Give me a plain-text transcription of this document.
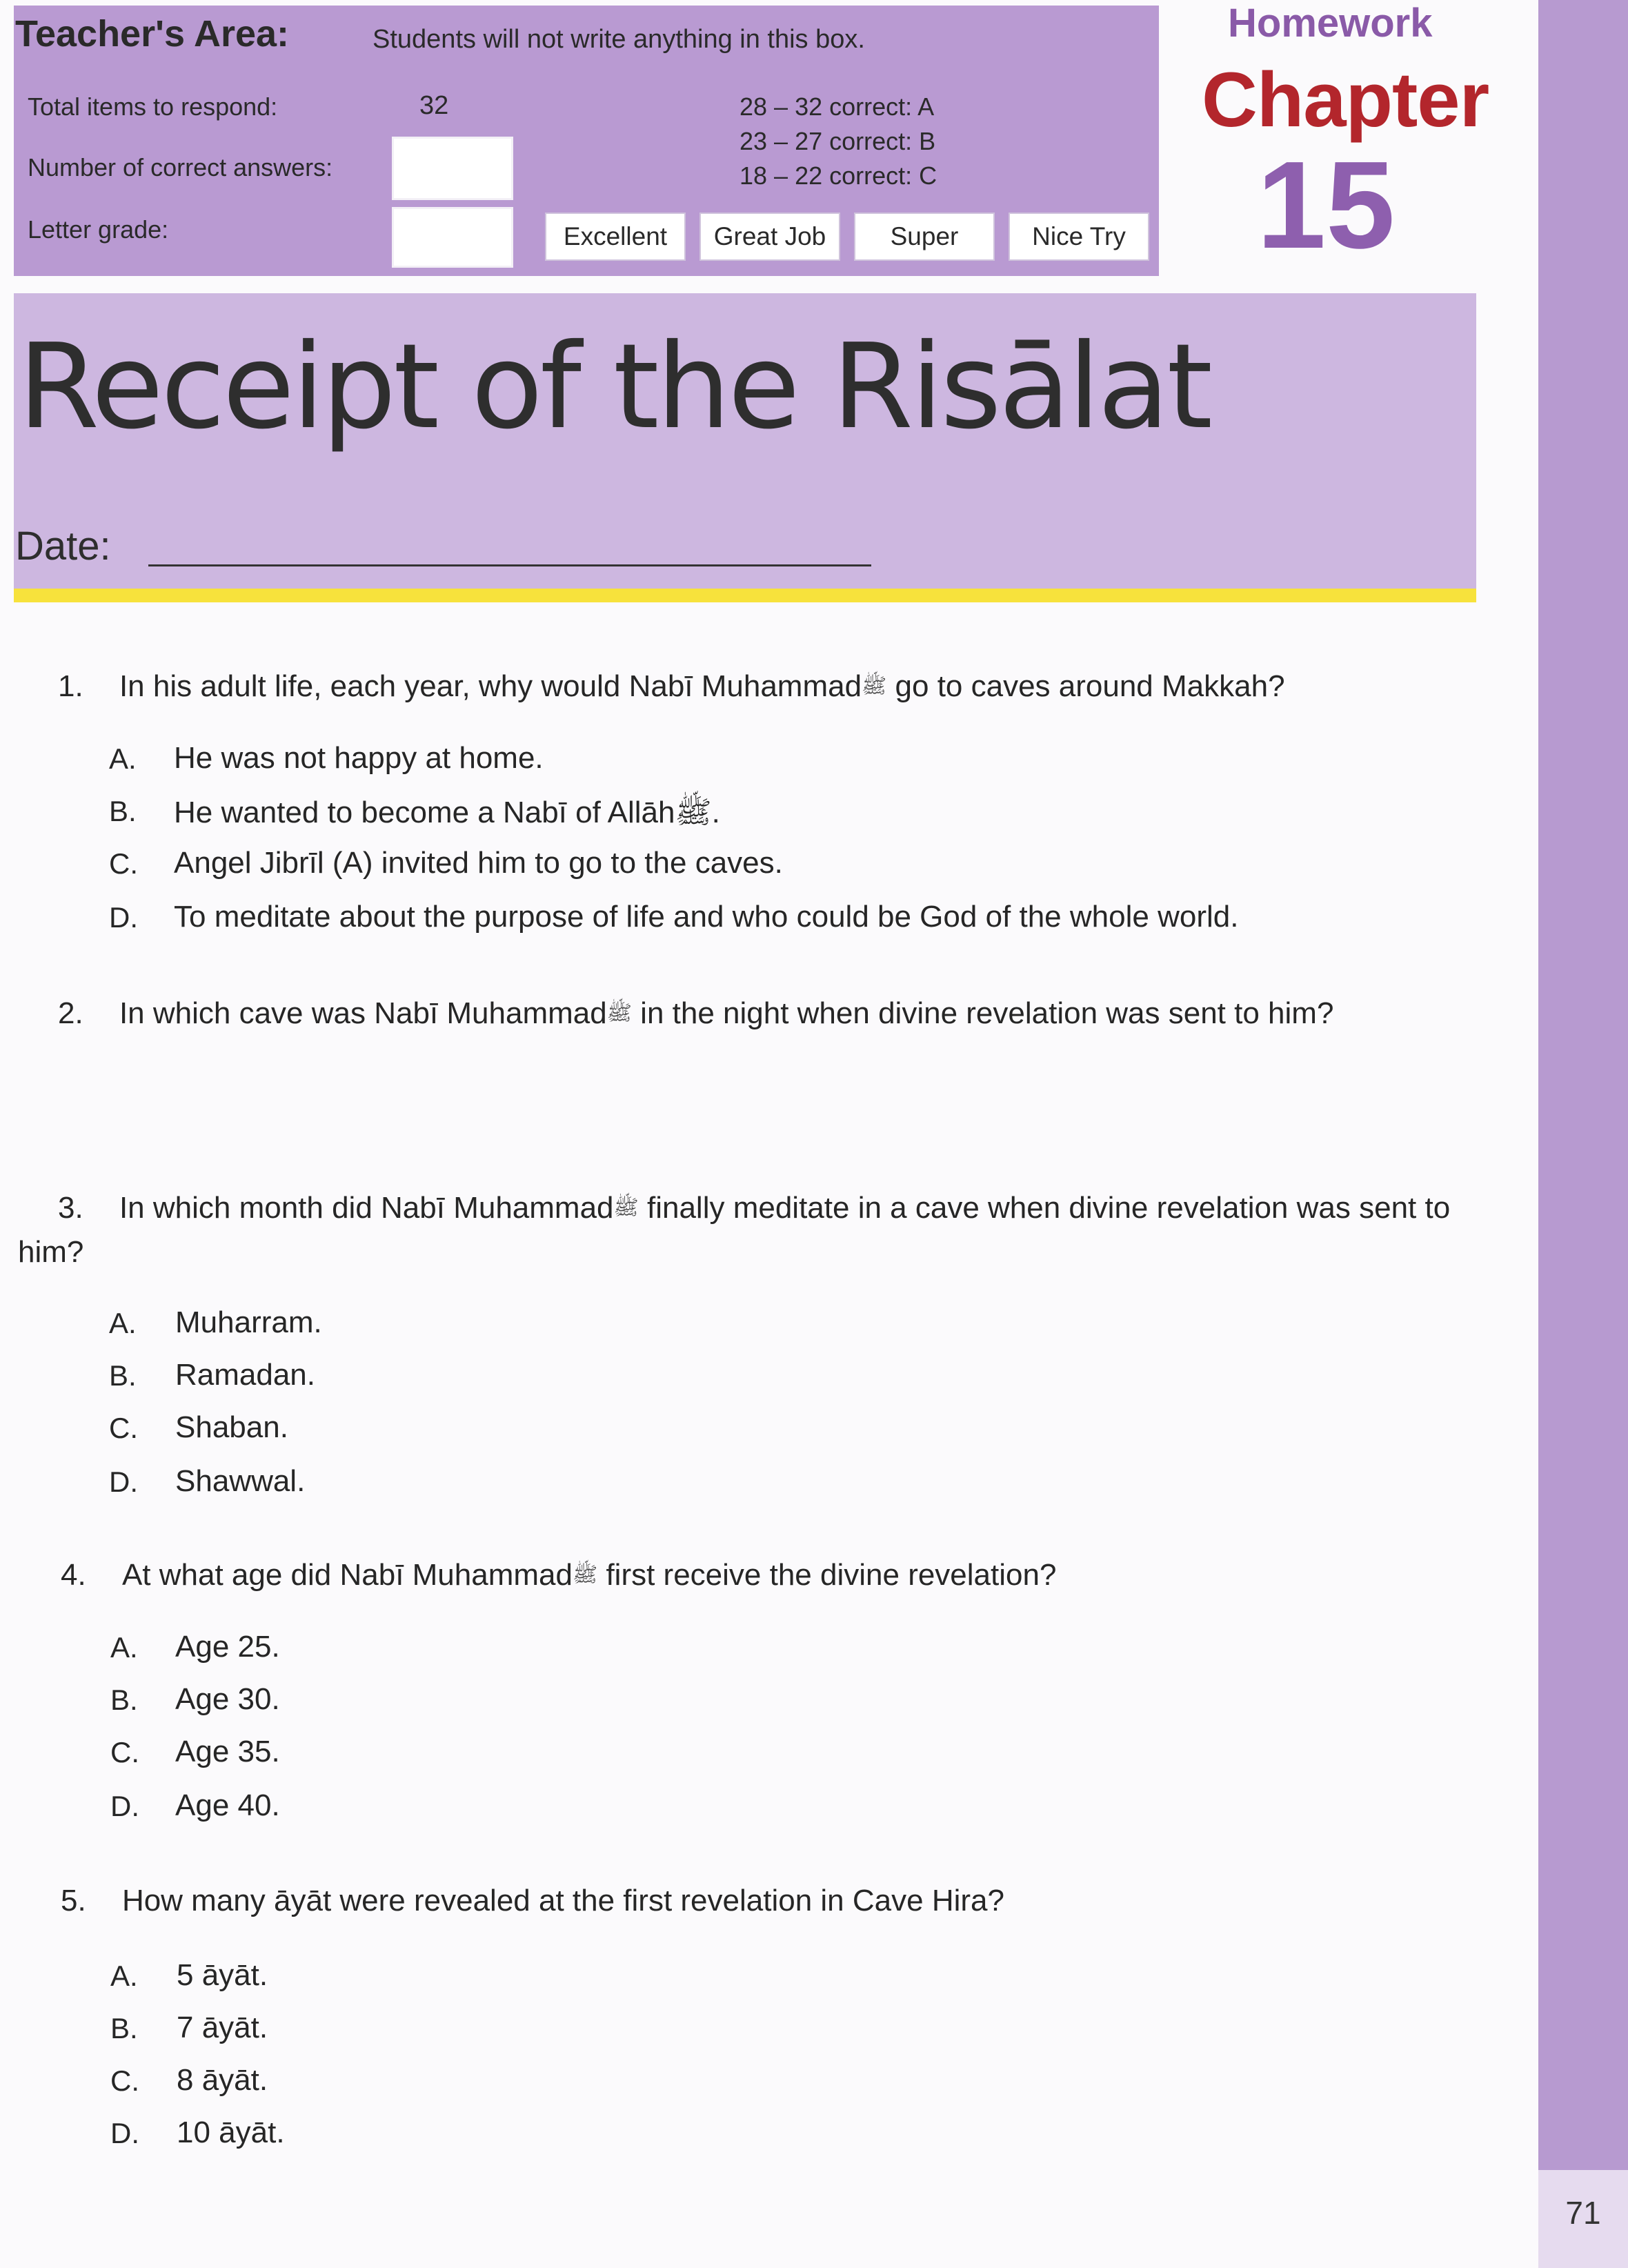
71
Teacher's Area:	Students will not write anything in this box.
Total items to respond:	32
Number of correct answers:
Letter grade:
28 – 32 correct: A
23 – 27 correct: B
18 – 22 correct: C
Excellent	Great Job	Super	Nice Try
Homework
Chapter
15
Receipt of the Risālat
Date:
1. In his adult life, each year, why would Nabī Muhammadﷺ go to caves around Makkah?
A. He was not happy at home.
B. He wanted to become a Nabī of Allāhﷺ.
C. Angel Jibrīl (A) invited him to go to the caves.
D. To meditate about the purpose of life and who could be God of the whole world.
2. In which cave was Nabī Muhammadﷺ in the night when divine revelation was sent to him?
3. In which month did Nabī Muhammadﷺ finally meditate in a cave when divine revelation was sent to
him?
A. Muharram.
B. Ramadan.
C. Shaban.
D. Shawwal.
4. At what age did Nabī Muhammadﷺ first receive the divine revelation?
A. Age 25.
B. Age 30.
C. Age 35.
D. Age 40.
5. How many āyāt were revealed at the first revelation in Cave Hira?
A. 5 āyāt.
B. 7 āyāt.
C. 8 āyāt.
D. 10 āyāt.
